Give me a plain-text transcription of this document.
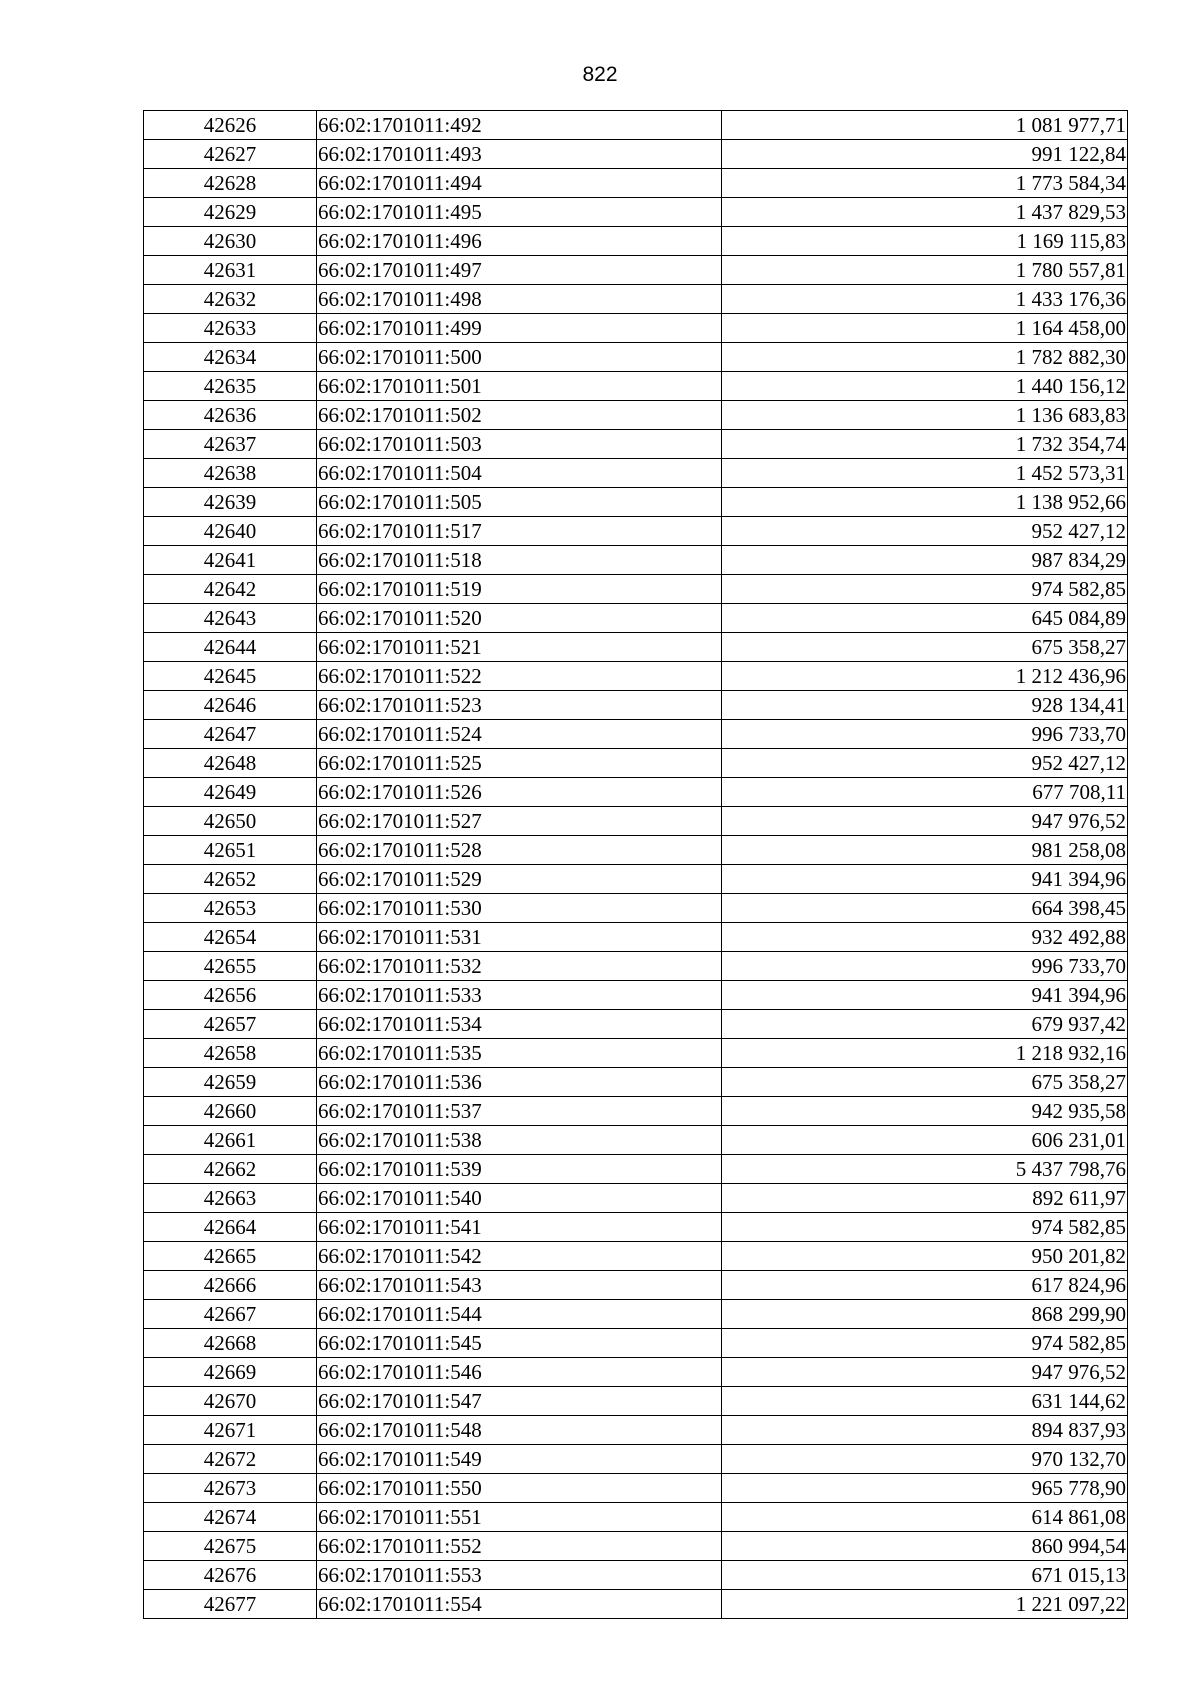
822
42626	66:02:1701011:492	1 081 977,71
42627	66:02:1701011:493	991 122,84
42628	66:02:1701011:494	1 773 584,34
42629	66:02:1701011:495	1 437 829,53
42630	66:02:1701011:496	1 169 115,83
42631	66:02:1701011:497	1 780 557,81
42632	66:02:1701011:498	1 433 176,36
42633	66:02:1701011:499	1 164 458,00
42634	66:02:1701011:500	1 782 882,30
42635	66:02:1701011:501	1 440 156,12
42636	66:02:1701011:502	1 136 683,83
42637	66:02:1701011:503	1 732 354,74
42638	66:02:1701011:504	1 452 573,31
42639	66:02:1701011:505	1 138 952,66
42640	66:02:1701011:517	952 427,12
42641	66:02:1701011:518	987 834,29
42642	66:02:1701011:519	974 582,85
42643	66:02:1701011:520	645 084,89
42644	66:02:1701011:521	675 358,27
42645	66:02:1701011:522	1 212 436,96
42646	66:02:1701011:523	928 134,41
42647	66:02:1701011:524	996 733,70
42648	66:02:1701011:525	952 427,12
42649	66:02:1701011:526	677 708,11
42650	66:02:1701011:527	947 976,52
42651	66:02:1701011:528	981 258,08
42652	66:02:1701011:529	941 394,96
42653	66:02:1701011:530	664 398,45
42654	66:02:1701011:531	932 492,88
42655	66:02:1701011:532	996 733,70
42656	66:02:1701011:533	941 394,96
42657	66:02:1701011:534	679 937,42
42658	66:02:1701011:535	1 218 932,16
42659	66:02:1701011:536	675 358,27
42660	66:02:1701011:537	942 935,58
42661	66:02:1701011:538	606 231,01
42662	66:02:1701011:539	5 437 798,76
42663	66:02:1701011:540	892 611,97
42664	66:02:1701011:541	974 582,85
42665	66:02:1701011:542	950 201,82
42666	66:02:1701011:543	617 824,96
42667	66:02:1701011:544	868 299,90
42668	66:02:1701011:545	974 582,85
42669	66:02:1701011:546	947 976,52
42670	66:02:1701011:547	631 144,62
42671	66:02:1701011:548	894 837,93
42672	66:02:1701011:549	970 132,70
42673	66:02:1701011:550	965 778,90
42674	66:02:1701011:551	614 861,08
42675	66:02:1701011:552	860 994,54
42676	66:02:1701011:553	671 015,13
42677	66:02:1701011:554	1 221 097,22
